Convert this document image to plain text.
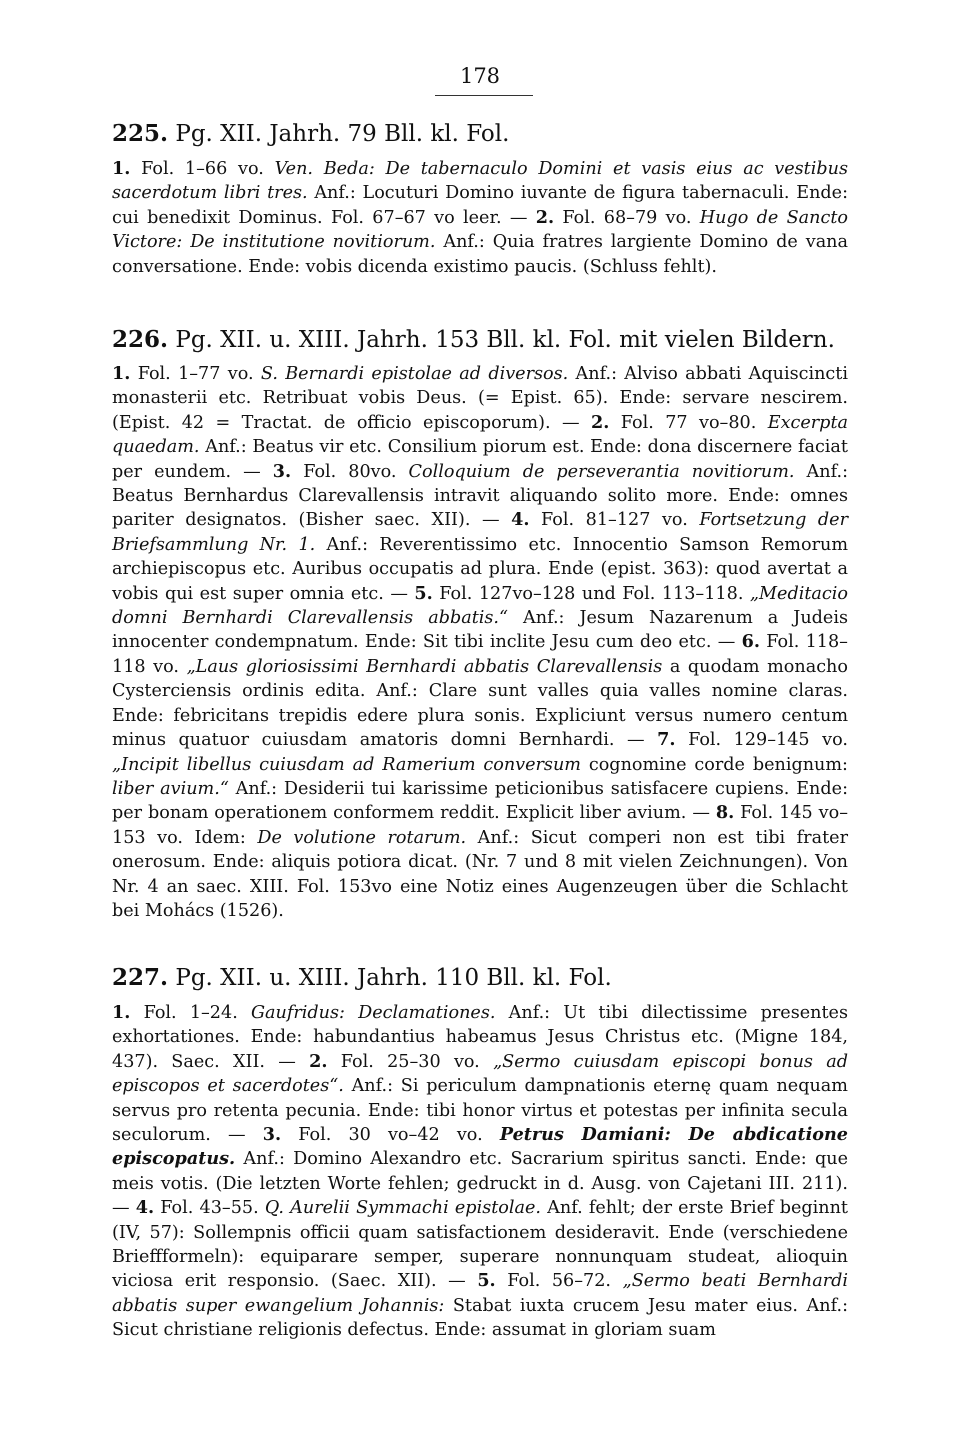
178
225. Pg. XII. Jahrh. 79 Bll. kl. Fol.
1. Fol. 1–66 vo. Ven. Beda: De tabernaculo Domini et vasis eius ac vestibus sacerdotum libri tres. Anf.: Locuturi Domino iuvante de figura tabernaculi. Ende: cui benedixit Dominus. Fol. 67–67 vo leer. — 2. Fol. 68–79 vo. Hugo de Sancto Victore: De institutione novitiorum. Anf.: Quia fratres largiente Domino de vana conversatione. Ende: vobis dicenda existimo paucis. (Schluss fehlt).
226. Pg. XII. u. XIII. Jahrh. 153 Bll. kl. Fol. mit vielen Bildern.
1. Fol. 1–77 vo. S. Bernardi epistolae ad diversos. Anf.: Alviso abbati Aquiscincti monasterii etc. Retribuat vobis Deus. (= Epist. 65). Ende: servare nescirem. (Epist. 42 = Tractat. de officio episcoporum). — 2. Fol. 77 vo–80. Excerpta quaedam. Anf.: Beatus vir etc. Consilium piorum est. Ende: dona discernere faciat per eundem. — 3. Fol. 80vo. Colloquium de perseverantia novitiorum. Anf.: Beatus Bernhardus Clarevallensis intravit aliquando solito more. Ende: omnes pariter designatos. (Bisher saec. XII). — 4. Fol. 81–127 vo. Fortsetzung der Briefsammlung Nr. 1. Anf.: Reverentissimo etc. Innocentio Samson Remorum archiepiscopus etc. Auribus occupatis ad plura. Ende (epist. 363): quod avertat a vobis qui est super omnia etc. — 5. Fol. 127vo–128 und Fol. 113–118. „Meditacio domni Bernhardi Clarevallensis abbatis.“ Anf.: Jesum Nazarenum a Judeis innocenter condempnatum. Ende: Sit tibi inclite Jesu cum deo etc. — 6. Fol. 118–118 vo. „Laus gloriosissimi Bernhardi abbatis Clarevallensis a quodam monacho Cysterciensis ordinis edita. Anf.: Clare sunt valles quia valles nomine claras. Ende: febricitans trepidis edere plura sonis. Expliciunt versus numero centum minus quatuor cuiusdam amatoris domni Bernhardi. — 7. Fol. 129–145 vo. „Incipit libellus cuiusdam ad Ramerium conversum cognomine corde benignum: liber avium.“ Anf.: Desiderii tui karissime peticionibus satisfacere cupiens. Ende: per bonam operationem conformem reddit. Explicit liber avium. — 8. Fol. 145 vo–153 vo. Idem: De volutione rotarum. Anf.: Sicut comperi non est tibi frater onerosum. Ende: aliquis potiora dicat. (Nr. 7 und 8 mit vielen Zeichnungen). Von Nr. 4 an saec. XIII. Fol. 153vo eine Notiz eines Augenzeugen über die Schlacht bei Mohács (1526).
227. Pg. XII. u. XIII. Jahrh. 110 Bll. kl. Fol.
1. Fol. 1–24. Gaufridus: Declamationes. Anf.: Ut tibi dilectissime presentes exhortationes. Ende: habundantius habeamus Jesus Christus etc. (Migne 184, 437). Saec. XII. — 2. Fol. 25–30 vo. „Sermo cuiusdam episcopi bonus ad episcopos et sacerdotes“. Anf.: Si periculum dampnationis eternę quam nequam servus pro retenta pecunia. Ende: tibi honor virtus et potestas per infinita secula seculorum. — 3. Fol. 30 vo–42 vo. Petrus Damiani: De abdicatione episcopatus. Anf.: Domino Alexandro etc. Sacrarium spiritus sancti. Ende: que meis votis. (Die letzten Worte fehlen; gedruckt in d. Ausg. von Cajetani III. 211). — 4. Fol. 43–55. Q. Aurelii Symmachi epistolae. Anf. fehlt; der erste Brief beginnt (IV, 57): Sollempnis officii quam satisfactionem desideravit. Ende (verschiedene Brieffformeln): equiparare semper, superare nonnunquam studeat, alioquin viciosa erit responsio. (Saec. XII). — 5. Fol. 56–72. „Sermo beati Bernhardi abbatis super ewangelium Johannis: Stabat iuxta crucem Jesu mater eius. Anf.: Sicut christiane religionis defectus. Ende: assumat in gloriam suam
